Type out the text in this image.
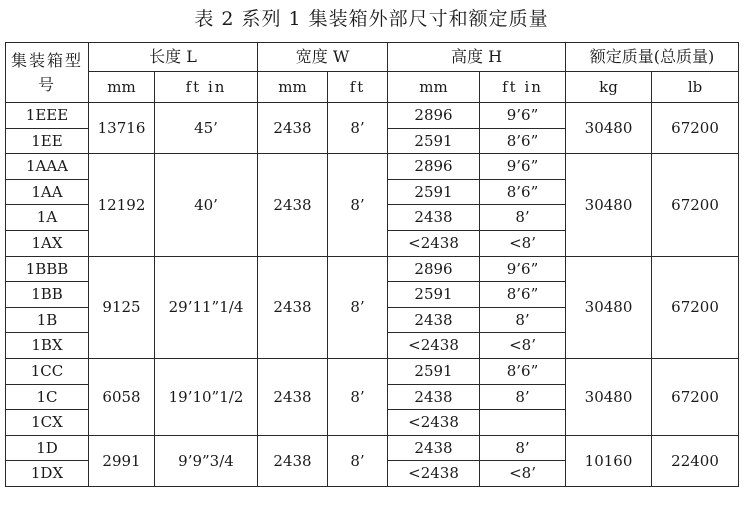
表 2 系列 1 集装箱外部尺寸和额定质量
集装箱型号	长度 L		宽度 W		高度 H		额定质量(总质量)	
	mm	ft in	mm	ft	mm	ft in	kg	lb
1EEE	13716	45’	2438	8’	2896	9’6”	30480	67200
1EE					2591	8’6”		
1AAA	12192	40’	2438	8’	2896	9’6”	30480	67200
1AA					2591	8’6”		
1A					2438	8’		
1AX					<2438	<8’		
1BBB	9125	29’11”1/4	2438	8’	2896	9’6”	30480	67200
1BB					2591	8’6”		
1B					2438	8’		
1BX					<2438	<8’		
1CC	6058	19’10”1/2	2438	8’	2591	8’6”	30480	67200
1C					2438	8’		
1CX					<2438			
1D	2991	9’9”3/4	2438	8’	2438	8’	10160	22400
1DX					<2438	<8’		
